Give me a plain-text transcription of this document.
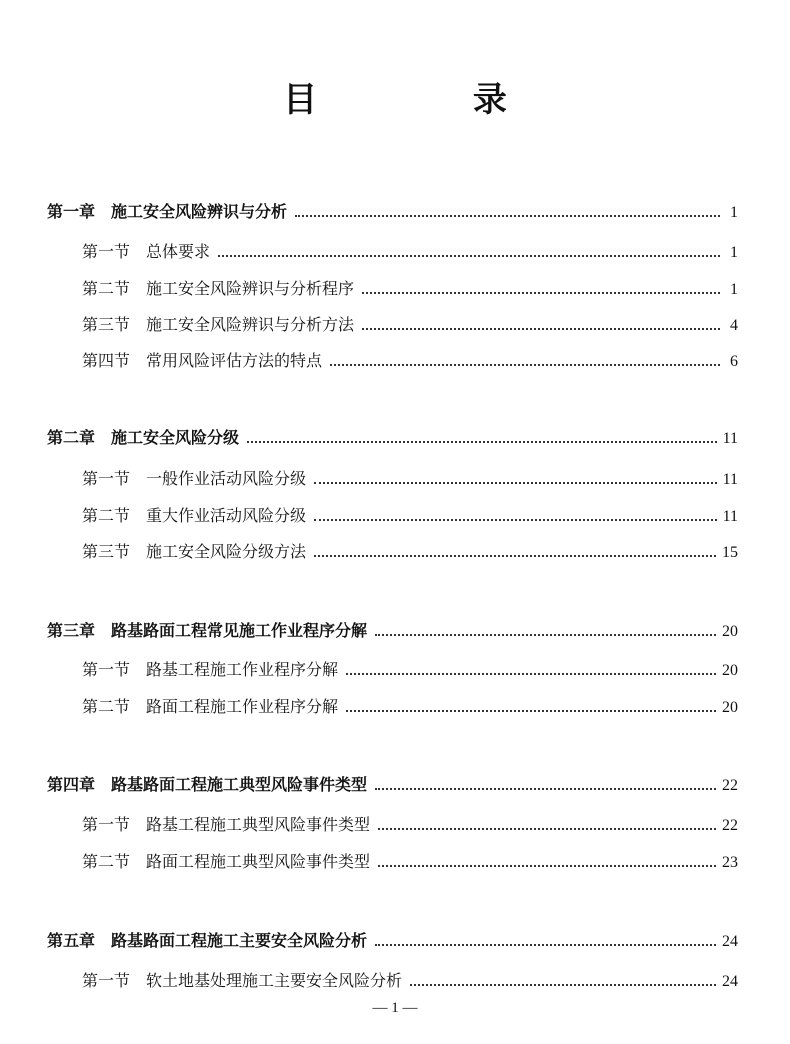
目 录
第一章 施工安全风险辨识与分析	1
第一节 总体要求	1
第二节 施工安全风险辨识与分析程序	1
第三节 施工安全风险辨识与分析方法	4
第四节 常用风险评估方法的特点	6
第二章 施工安全风险分级	11
第一节 一般作业活动风险分级	11
第二节 重大作业活动风险分级	11
第三节 施工安全风险分级方法	15
第三章 路基路面工程常见施工作业程序分解	20
第一节 路基工程施工作业程序分解	20
第二节 路面工程施工作业程序分解	20
第四章 路基路面工程施工典型风险事件类型	22
第一节 路基工程施工典型风险事件类型	22
第二节 路面工程施工典型风险事件类型	23
第五章 路基路面工程施工主要安全风险分析	24
第一节 软土地基处理施工主要安全风险分析	24
— 1 —
